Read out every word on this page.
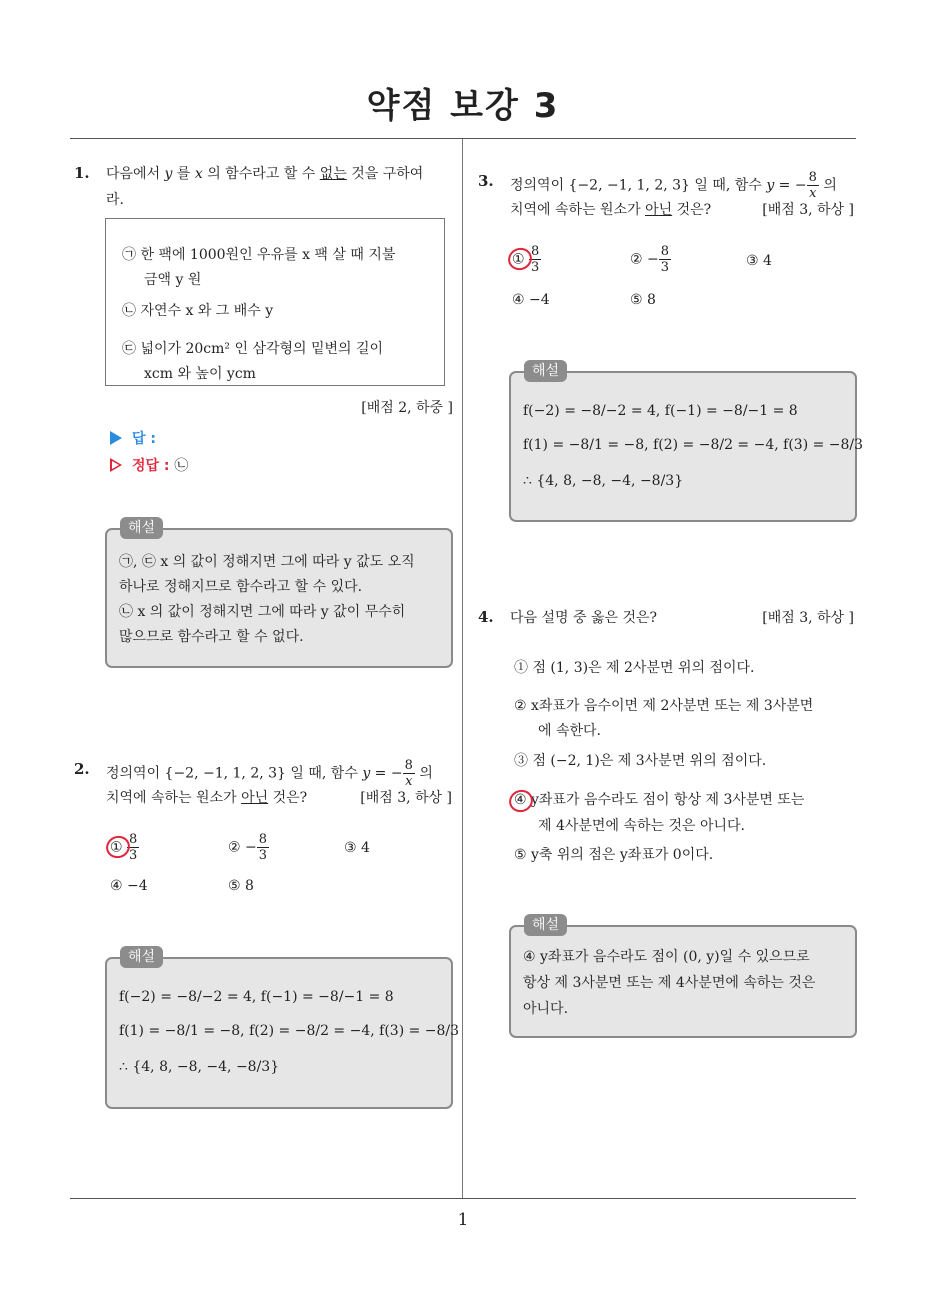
약점 보강 3
1
1. 다음에서 y 를 x 의 함수라고 할 수 없는 것을 구하여
라.
㉠ 한 팩에 1000원인 우유를 x 팩 살 때 지불
금액 y 원
㉡ 자연수 x 와 그 배수 y
㉢ 넓이가 20cm² 인 삼각형의 밑변의 길이
xcm 와 높이 ycm
[배점 2, 하중 ]
답 :
정답 : ㉡
㉠, ㉢ x 의 값이 정해지면 그에 따라 y 값도 오직
하나로 정해지므로 함수라고 할 수 있다.
㉡ x 의 값이 정해지면 그에 따라 y 값이 무수히
많으므로 함수라고 할 수 없다.
해설
2. 정의역이 {−2, −1, 1, 2, 3} 일 때, 함수 y = − $\frac{8}{x}$ 의
치역에 속하는 원소가 아닌 것은?	[배점 3, 하상 ]
① $\frac{8}{3}$	② − $\frac{8}{3}$	③ 4
④ −4	⑤ 8
f(−2) = −8/−2 = 4, f(−1) = −8/−1 = 8
f(1) = −8/1 = −8, f(2) = −8/2 = −4, f(3) = −8/3
∴ {4, 8, −8, −4, −8/3}
해설
3. 정의역이 {−2, −1, 1, 2, 3} 일 때, 함수 y = − $\frac{8}{x}$ 의
치역에 속하는 원소가 아닌 것은?	[배점 3, 하상 ]
① $\frac{8}{3}$	② − $\frac{8}{3}$	③ 4
④ −4	⑤ 8
f(−2) = −8/−2 = 4, f(−1) = −8/−1 = 8
f(1) = −8/1 = −8, f(2) = −8/2 = −4, f(3) = −8/3
∴ {4, 8, −8, −4, −8/3}
해설
4. 다음 설명 중 옳은 것은?	[배점 3, 하상 ]
① 점 (1, 3)은 제 2사분면 위의 점이다.
② x좌표가 음수이면 제 2사분면 또는 제 3사분면
에 속한다.
③ 점 (−2, 1)은 제 3사분면 위의 점이다.
④ y좌표가 음수라도 점이 항상 제 3사분면 또는
제 4사분면에 속하는 것은 아니다.
⑤ y축 위의 점은 y좌표가 0이다.
④ y좌표가 음수라도 점이 (0, y)일 수 있으므로
항상 제 3사분면 또는 제 4사분면에 속하는 것은
아니다.
해설
